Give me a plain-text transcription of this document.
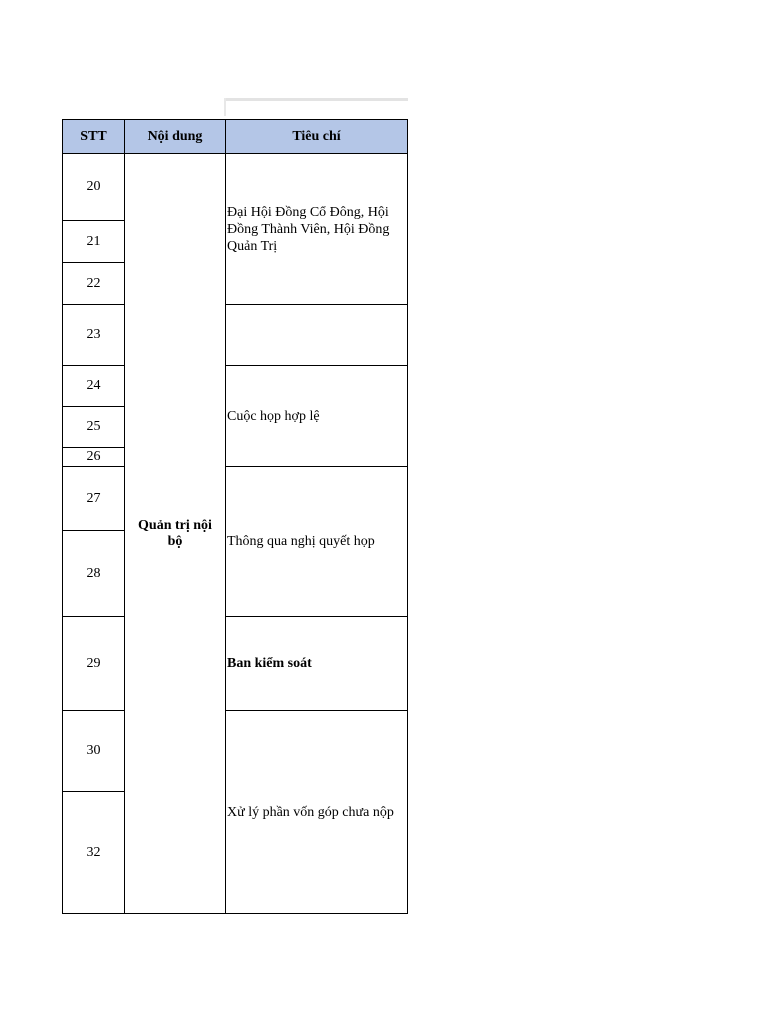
STT	Nội dung	Tiêu chí
20
21
22
23
24
25
26
27
28
29
30
32
Quản trị nội bộ
Đại Hội Đồng Cổ Đông, Hội Đồng Thành Viên, Hội Đồng Quản Trị
Cuộc họp hợp lệ
Thông qua nghị quyết họp
Ban kiểm soát
Xử lý phần vốn góp chưa nộp
